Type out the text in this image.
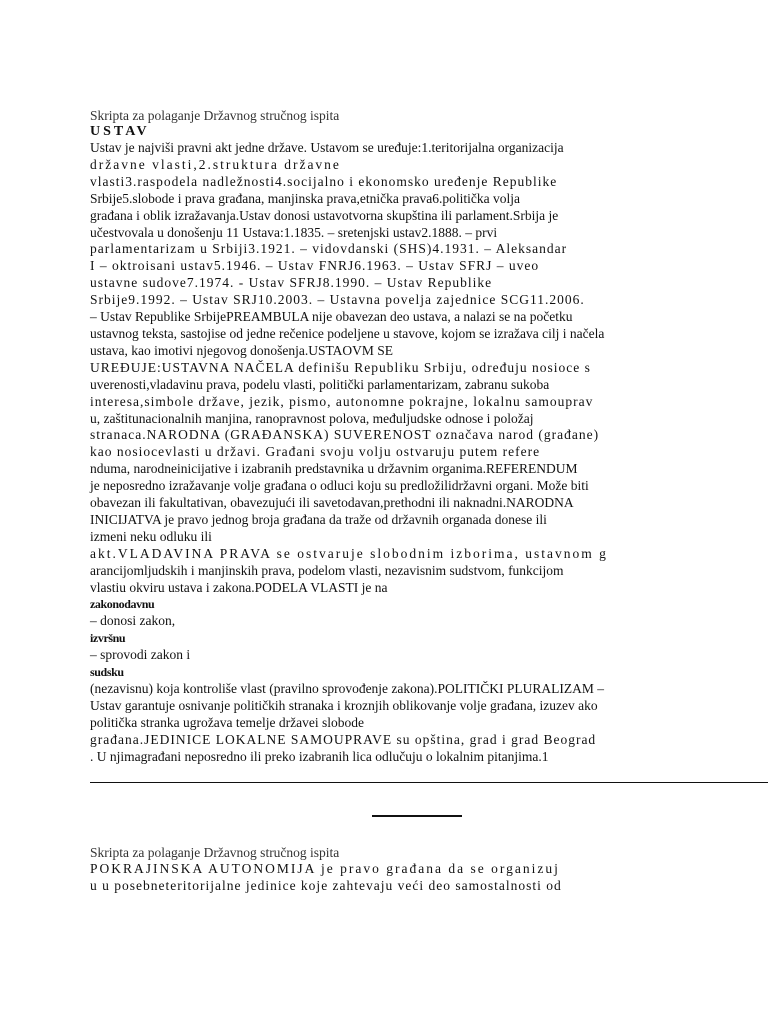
Skripta za polaganje Državnog stručnog ispita

USTAV

Ustav je najviši pravni akt jedne države. Ustavom se uređuje:1.teritorijalna organizacija

državne vlasti,2.struktura državne

vlasti3.raspodela nadležnosti4.socijalno i ekonomsko uređenje Republike

Srbije5.slobode i prava građana, manjinska prava,etnička prava6.politička volja

građana i oblik izražavanja.Ustav donosi ustavotvorna skupština ili parlament.Srbija je

učestvovala u donošenju 11 Ustava:1.1835. – sretenjski ustav2.1888. – prvi

parlamentarizam u Srbiji3.1921. – vidovdanski (SHS)4.1931. – Aleksandar

I – oktroisani ustav5.1946. – Ustav FNRJ6.1963. – Ustav SFRJ – uveo

ustavne sudove7.1974. - Ustav SFRJ8.1990. – Ustav Republike

Srbije9.1992. – Ustav SRJ10.2003. – Ustavna povelja zajednice SCG11.2006.

– Ustav Republike SrbijePREAMBULA nije obavezan deo ustava, a nalazi se na početku

ustavnog teksta, sastojise od jedne rečenice podeljene u stavove, kojom se izražava cilj i načela

ustava, kao imotivi njegovog donošenja.USTAOVM SE

UREĐUJE:USTAVNA NAČELA definišu Republiku Srbiju, određuju nosioce s

uverenosti,vladavinu prava, podelu vlasti, politički parlamentarizam, zabranu sukoba

interesa,simbole države, jezik, pismo, autonomne pokrajne, lokalnu samouprav

u, zaštitunacionalnih manjina, ranopravnost polova, međuljudske odnose i položaj

stranaca.NARODNA (GRAĐANSKA) SUVERENOST označava narod (građane)

kao nosiocevlasti u državi. Građani svoju volju ostvaruju putem refere

nduma, narodneinicijative i izabranih predstavnika u državnim organima.REFERENDUM

je neposredno izražavanje volje građana o odluci koju su predložilidržavni organi. Može biti

obavezan ili fakultativan, obavezujući ili savetodavan,prethodni ili naknadni.NARODNA

INICIJATVA je pravo jednog broja građana da traže od državnih organada donese ili

izmeni neku odluku ili

akt.VLADAVINA PRAVA se ostvaruje slobodnim izborima, ustavnom g

arancijomljudskih i manjinskih prava, podelom vlasti, nezavisnim sudstvom, funkcijom

vlastiu okviru ustava i zakona.PODELA VLASTI je na

zakonodavnu

– donosi zakon,

izvršnu

– sprovodi zakon i

sudsku

(nezavisnu) koja kontroliše vlast (pravilno sprovođenje zakona).POLITIČKI PLURALIZAM –

Ustav garantuje osnivanje političkih stranaka i kroznjih oblikovanje volje građana, izuzev ako

politička stranka ugrožava temelje državei slobode

građana.JEDINICE LOKALNE SAMOUPRAVE su opština, grad i grad Beograd

. U njimagrađani neposredno ili preko izabranih lica odlučuju o lokalnim pitanjima.1

Skripta za polaganje Državnog stručnog ispita

POKRAJINSKA AUTONOMIJA je pravo građana da se organizuj

u u posebneteritorijalne jedinice koje zahtevaju veći deo samostalnosti od
